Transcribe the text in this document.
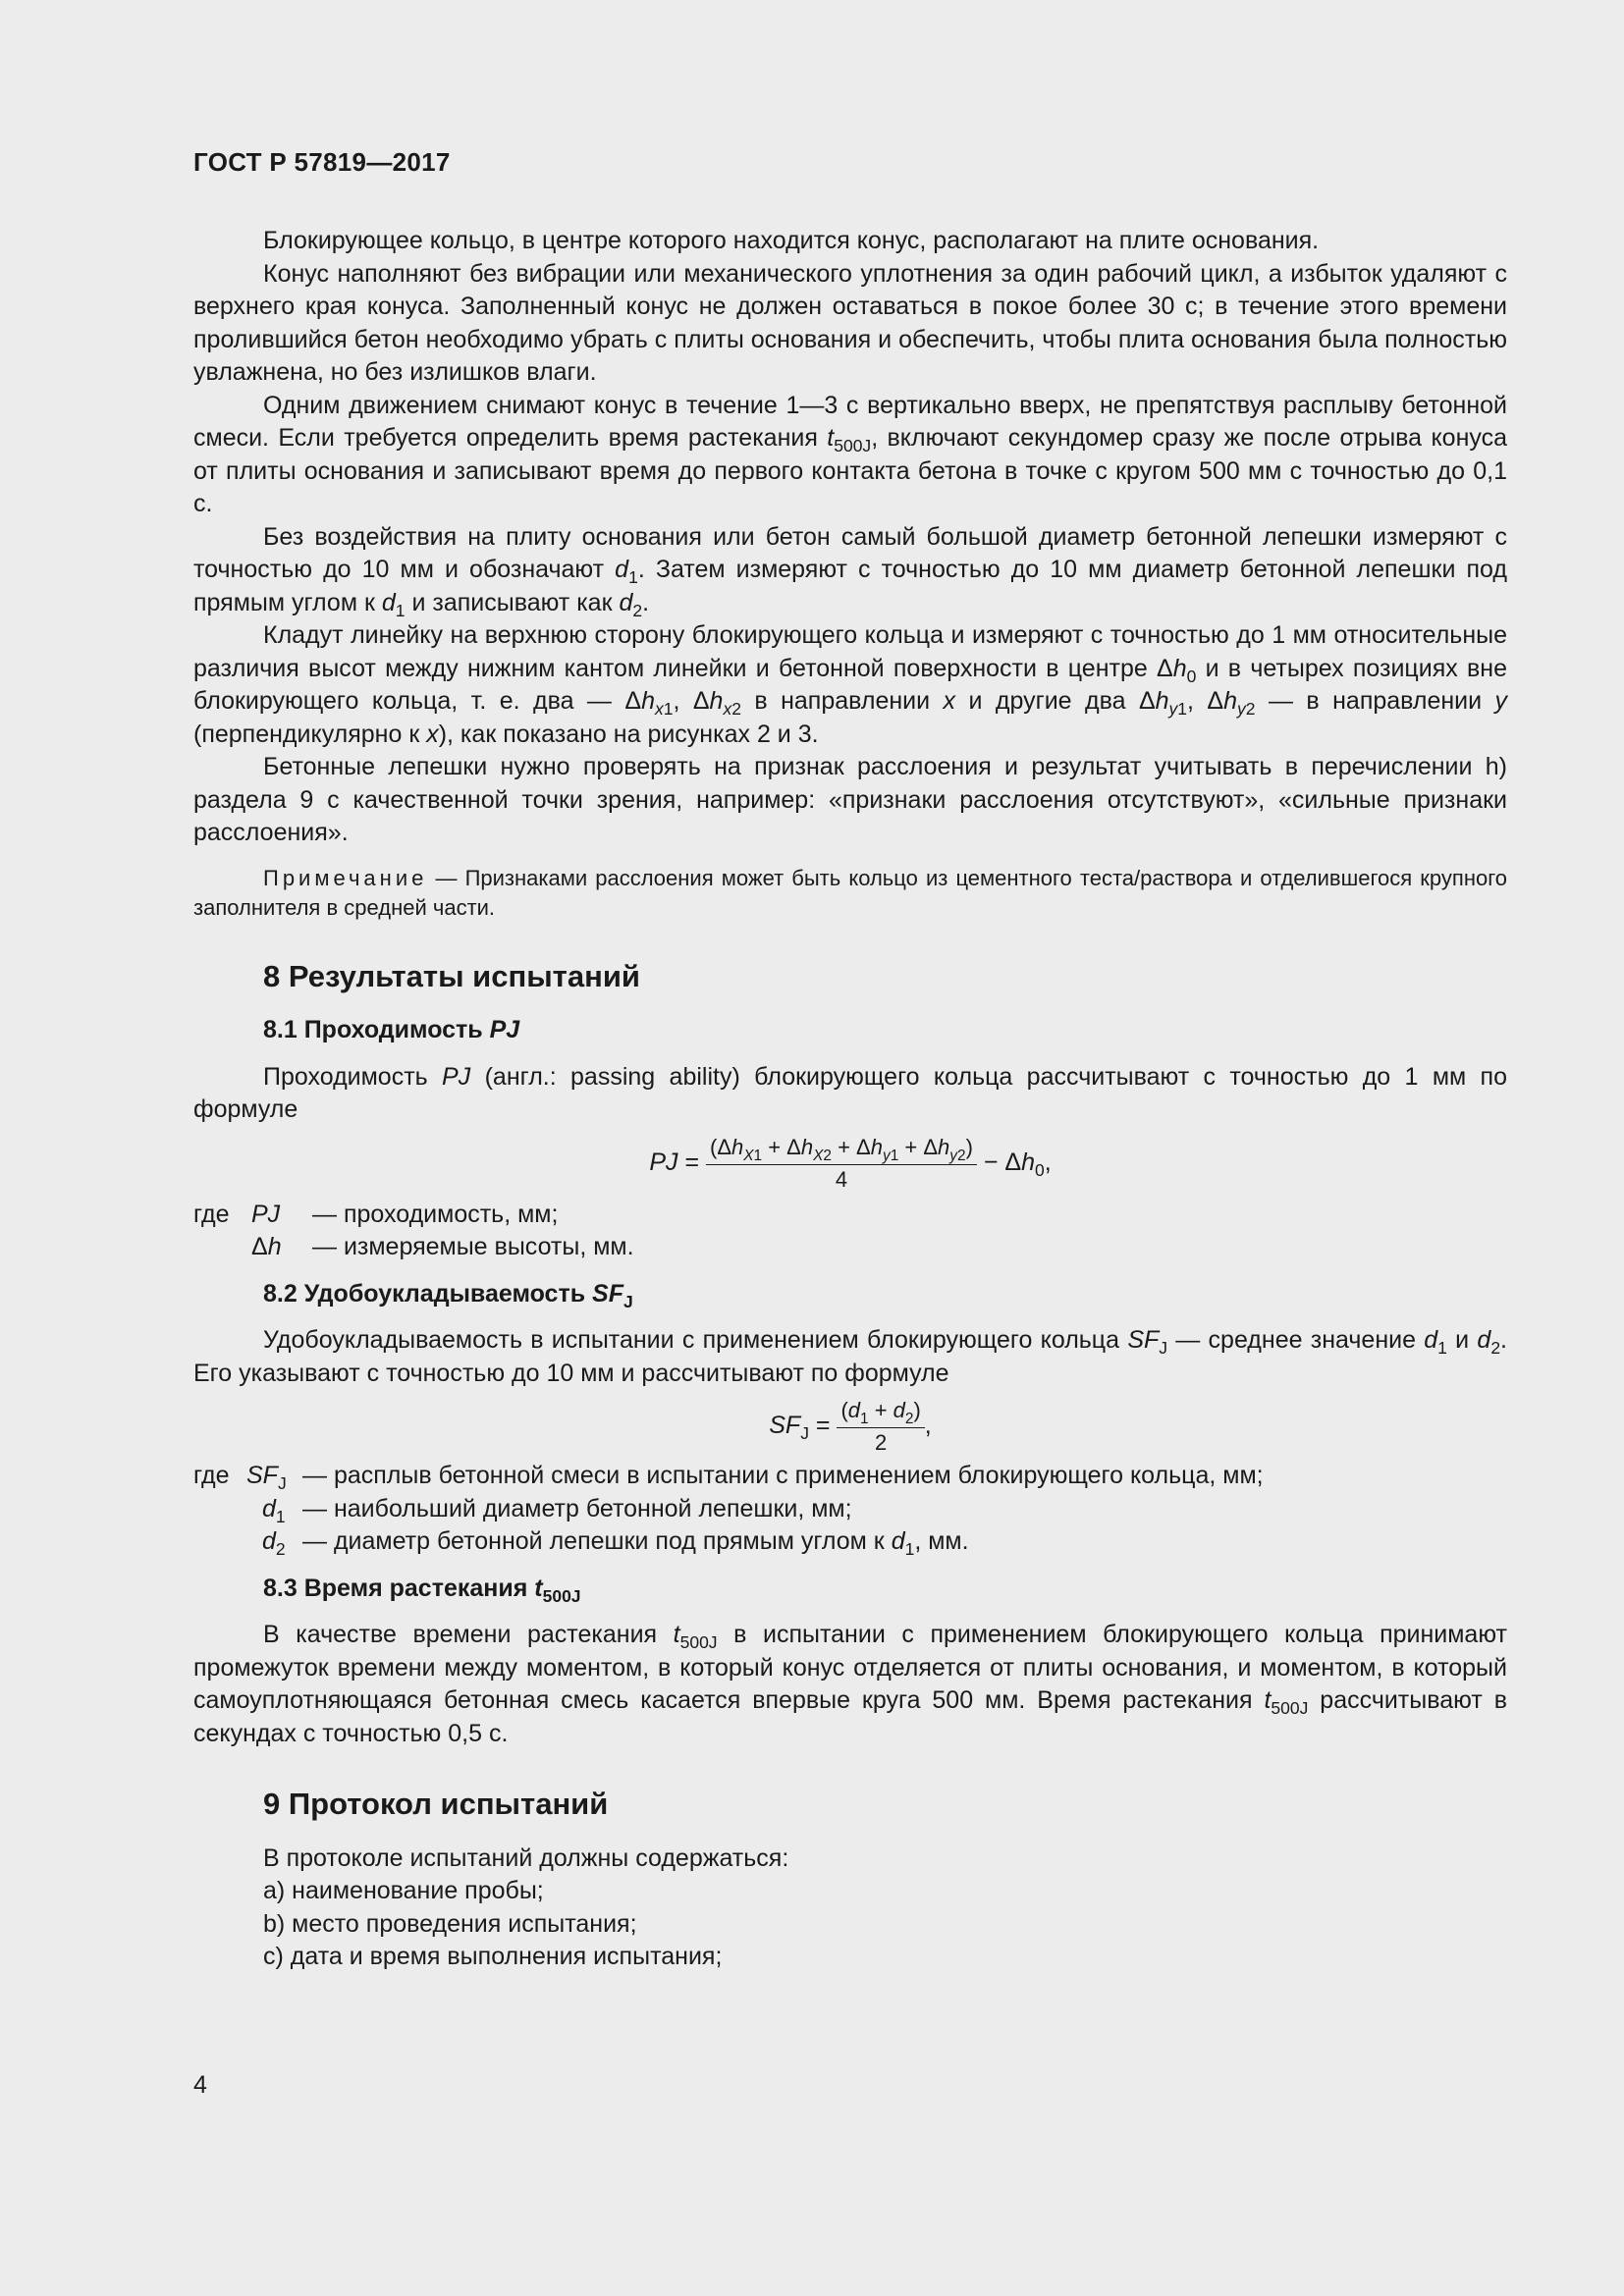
ГОСТ Р 57819—2017

Блокирующее кольцо, в центре которого находится конус, располагают на плите основания.

Конус наполняют без вибрации или механического уплотнения за один рабочий цикл, а избыток удаляют с верхнего края конуса. Заполненный конус не должен оставаться в покое более 30 с; в течение этого времени пролившийся бетон необходимо убрать с плиты основания и обеспечить, чтобы плита основания была полностью увлажнена, но без излишков влаги.

Одним движением снимают конус в течение 1—3 с вертикально вверх, не препятствуя расплыву бетонной смеси. Если требуется определить время растекания $t_{500J}$, включают секундомер сразу же после отрыва конуса от плиты основания и записывают время до первого контакта бетона в точке с кругом 500 мм с точностью до 0,1 с.

Без воздействия на плиту основания или бетон самый большой диаметр бетонной лепешки измеряют с точностью до 10 мм и обозначают $d_1$. Затем измеряют с точностью до 10 мм диаметр бетонной лепешки под прямым углом к $d_1$ и записывают как $d_2$.

Кладут линейку на верхнюю сторону блокирующего кольца и измеряют с точностью до 1 мм относительные различия высот между нижним кантом линейки и бетонной поверхности в центре $\Delta h_0$ и в четырех позициях вне блокирующего кольца, т. е. два — $\Delta h_{x1}$, $\Delta h_{x2}$ в направлении x и другие два $\Delta h_{y1}$, $\Delta h_{y2}$ — в направлении y (перпендикулярно к x), как показано на рисунках 2 и 3.

Бетонные лепешки нужно проверять на признак расслоения и результат учитывать в перечислении h) раздела 9 с качественной точки зрения, например: «признаки расслоения отсутствуют», «сильные признаки расслоения».

Примечание — Признаками расслоения может быть кольцо из цементного теста/раствора и отделившегося крупного заполнителя в средней части.

8 Результаты испытаний

8.1 Проходимость PJ

Проходимость PJ (англ.: passing ability) блокирующего кольца рассчитывают с точностью до 1 мм по формуле

PJ = $\frac{(\Delta h_{X1} + \Delta h_{X2} + \Delta h_{y1} + \Delta h_{y2})}{4} - \Delta h_0$,
где	PJ	— проходимость, мм;
	Δh	— измеряемые высоты, мм.

8.2 Удобоукладываемость $SF_J$

Удобоукладываемость в испытании с применением блокирующего кольца $SF_J$ — среднее значение $d_1$ и $d_2$. Его указывают с точностью до 10 мм и рассчитывают по формуле

$SF_J = \frac{(d_1 + d_2)}{2}$ ,
где	$SF_J$	— расплыв бетонной смеси в испытании с применением блокирующего кольца, мм;
	$d_1$	— наибольший диаметр бетонной лепешки, мм;
	$d_2$	— диаметр бетонной лепешки под прямым углом к $d_1$, мм.

8.3 Время растекания $t_{500J}$

В качестве времени растекания $t_{500J}$ в испытании с применением блокирующего кольца принимают промежуток времени между моментом, в который конус отделяется от плиты основания, и моментом, в который самоуплотняющаяся бетонная смесь касается впервые круга 500 мм. Время растекания $t_{500J}$ рассчитывают в секундах с точностью 0,5 с.

9 Протокол испытаний

В протоколе испытаний должны содержаться:

a) наименование пробы;

b) место проведения испытания;

c) дата и время выполнения испытания;

4
